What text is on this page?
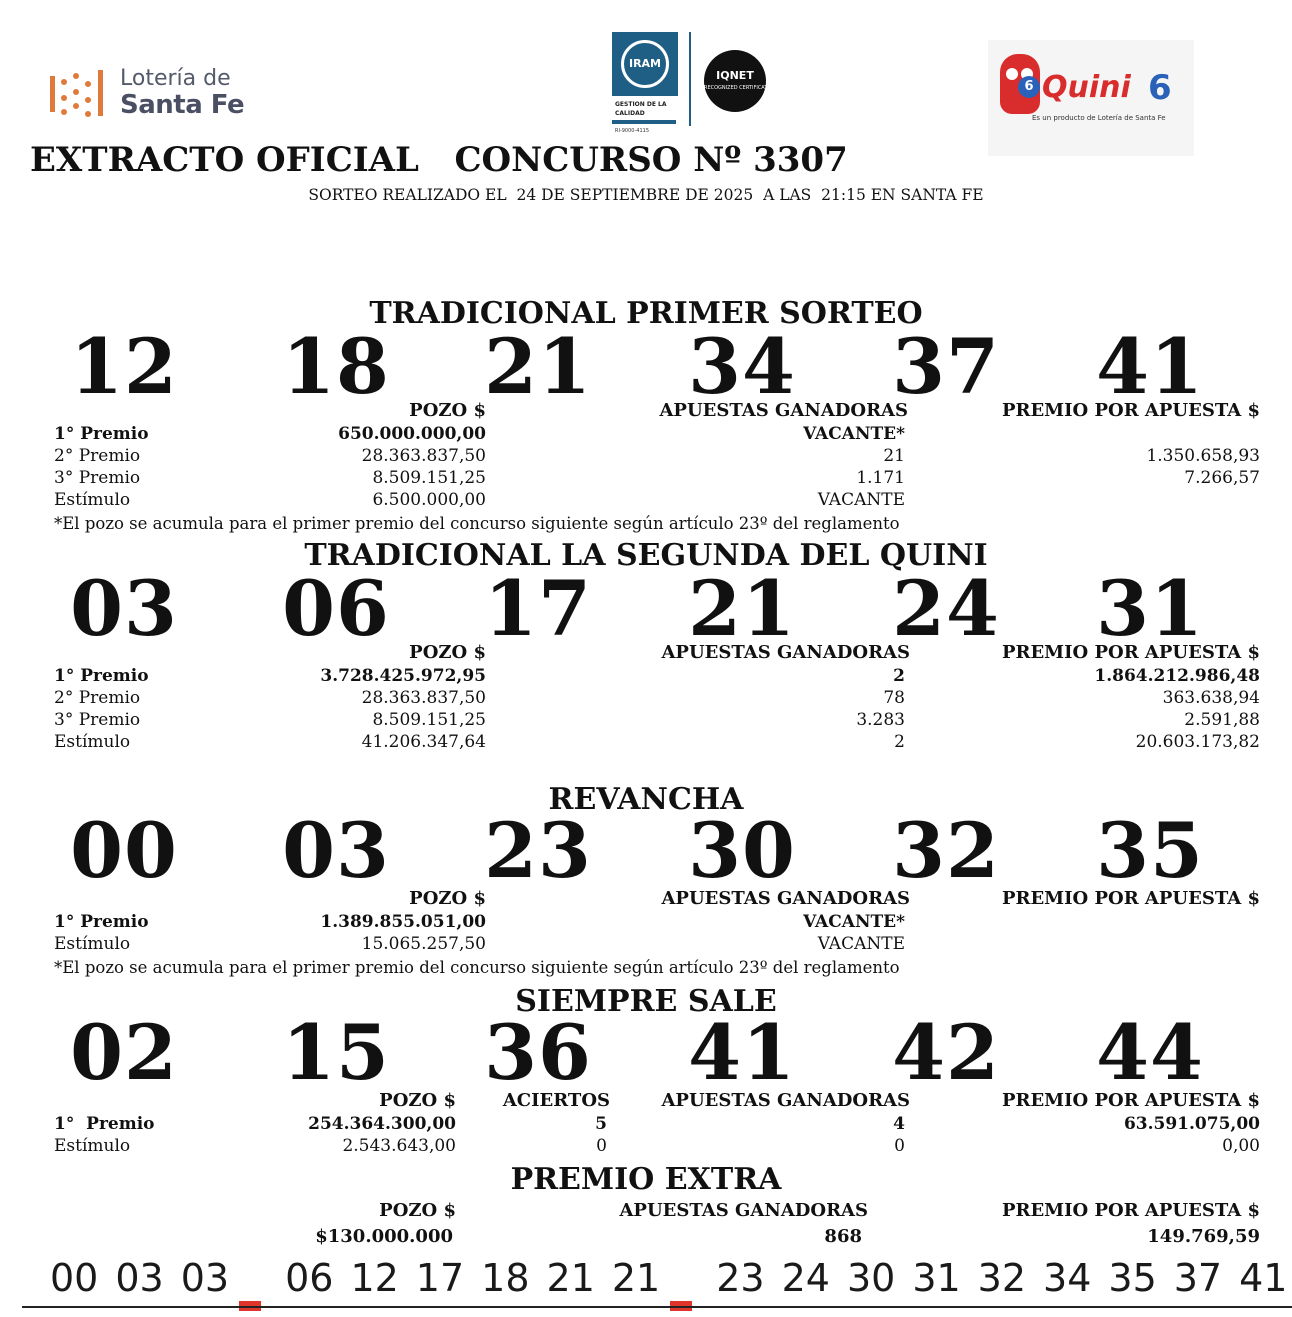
Lotería de
Santa Fe
IRAM
GESTION DE LA CALIDAD
RI-9000-4115
IQNET
RECOGNIZED CERTIFICATION	6 Quini 6
Es un producto de Lotería de Santa Fe
EXTRACTO OFICIAL   CONCURSO Nº 3307
SORTEO REALIZADO EL  24 DE SEPTIEMBRE DE 2025  A LAS  21:15 EN SANTA FE
TRADICIONAL PRIMER SORTEO
12	18	21	34	37	41
POZO $	APUESTAS GANADORAS	PREMIO POR APUESTA $
1° Premio	650.000.000,00	VACANTE*
2° Premio	28.363.837,50	21	1.350.658,93
3° Premio	8.509.151,25	1.171	7.266,57
Estímulo	6.500.000,00	VACANTE
*El pozo se acumula para el primer premio del concurso siguiente según artículo 23º del reglamento
TRADICIONAL LA SEGUNDA DEL QUINI
03	06	17	21	24	31
POZO $	APUESTAS GANADORAS	PREMIO POR APUESTA $
1° Premio	3.728.425.972,95	2	1.864.212.986,48
2° Premio	28.363.837,50	78	363.638,94
3° Premio	8.509.151,25	3.283	2.591,88
Estímulo	41.206.347,64	2	20.603.173,82
REVANCHA
00	03	23	30	32	35
POZO $	APUESTAS GANADORAS	PREMIO POR APUESTA $
1° Premio	1.389.855.051,00	VACANTE*
Estímulo	15.065.257,50	VACANTE
*El pozo se acumula para el primer premio del concurso siguiente según artículo 23º del reglamento
SIEMPRE SALE
02	15	36	41	42	44
POZO $	ACIERTOS	APUESTAS GANADORAS	PREMIO POR APUESTA $
1°  Premio	254.364.300,00	5	4	63.591.075,00
Estímulo	2.543.643,00	0	0	0,00
PREMIO EXTRA
POZO $	APUESTAS GANADORAS	PREMIO POR APUESTA $
$130.000.000	868	149.769,59
00 03 03 06 12 17 18 21 21 23 24 30 31 32 34 35 37 41
